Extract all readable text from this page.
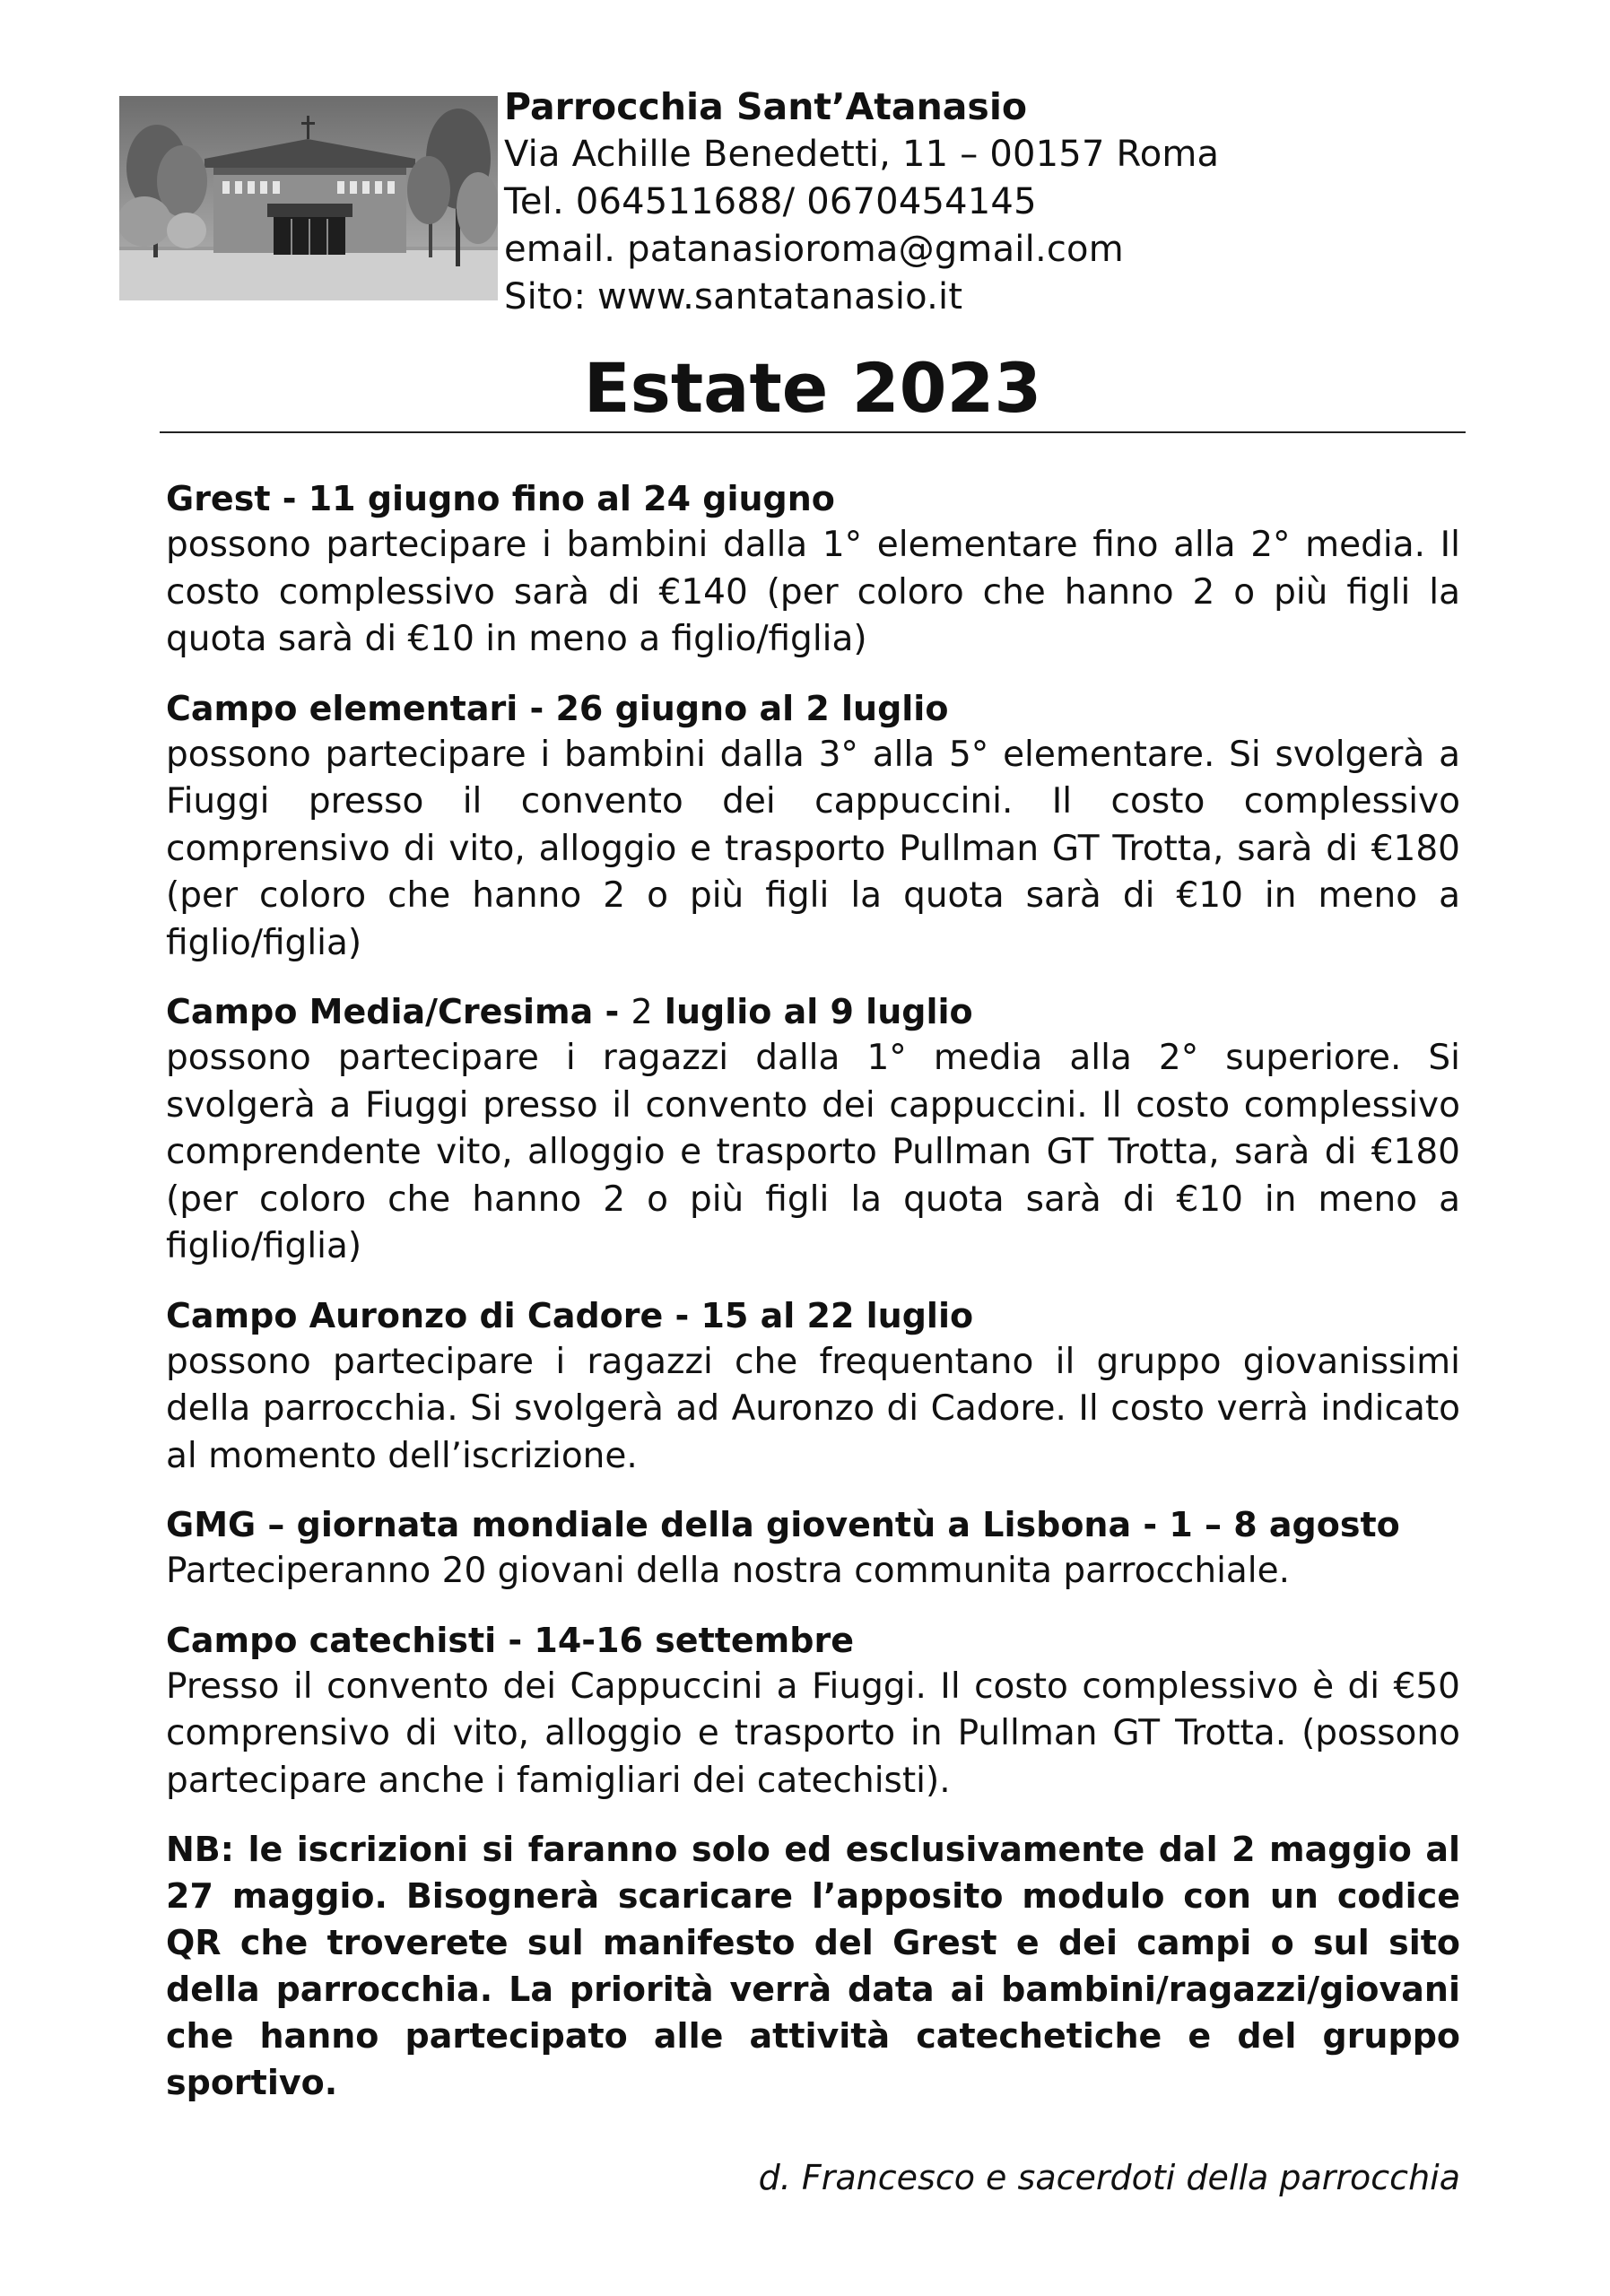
Parrocchia Sant’Atanasio

Via Achille Benedetti, 11 – 00157 Roma

Tel. 064511688/ 0670454145

email. patanasioroma@gmail.com

Sito: www.santatanasio.it

Estate 2023

Grest - 11 giugno fino al 24 giugno

possono partecipare i bambini dalla 1° elementare fino alla 2° media. Il costo complessivo sarà di €140 (per coloro che hanno 2 o più figli la quota sarà di €10 in meno a figlio/figlia)

Campo elementari - 26 giugno al 2 luglio

possono partecipare i bambini dalla 3° alla 5° elementare. Si svolgerà a Fiuggi presso il convento dei cappuccini. Il costo complessivo comprensivo di vito, alloggio e trasporto Pullman GT Trotta, sarà di €180 (per coloro che hanno 2 o più figli la quota sarà di €10 in meno a figlio/figlia)

Campo Media/Cresima - 2 luglio al 9 luglio

possono partecipare i ragazzi dalla 1° media alla 2° superiore. Si svolgerà a Fiuggi presso il convento dei cappuccini. Il costo complessivo comprendente vito, alloggio e trasporto Pullman GT Trotta, sarà di €180 (per coloro che hanno 2 o più figli la quota sarà di €10 in meno a figlio/figlia)

Campo Auronzo di Cadore - 15 al 22 luglio

possono partecipare i ragazzi che frequentano il gruppo giovanissimi della parrocchia. Si svolgerà ad Auronzo di Cadore. Il costo verrà indicato al momento dell’iscrizione.

GMG – giornata mondiale della gioventù a Lisbona - 1 – 8 agosto

Parteciperanno 20 giovani della nostra communita parrocchiale.

Campo catechisti - 14-16 settembre

Presso il convento dei Cappuccini a Fiuggi. Il costo complessivo è di €50 comprensivo di vito, alloggio e trasporto in Pullman GT Trotta. (possono partecipare anche i famigliari dei catechisti).

NB: le iscrizioni si faranno solo ed esclusivamente dal 2 maggio al 27 maggio. Bisognerà scaricare l’apposito modulo con un codice QR che troverete sul manifesto del Grest e dei campi o sul sito della parrocchia. La priorità verrà data ai bambini/ragazzi/giovani che hanno partecipato alle attività catechetiche e del gruppo sportivo.

d. Francesco e sacerdoti della parrocchia
